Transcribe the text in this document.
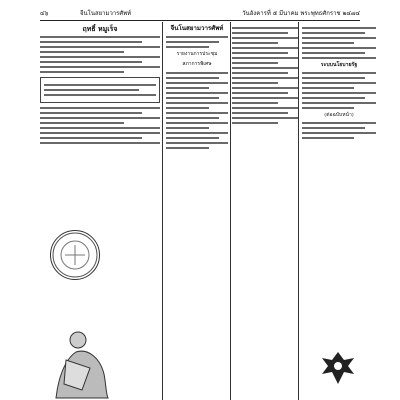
๔๖	จีนโนสยามวารศัพท์	วันอังคารที่ ๕ มีนาคม พระพุทธศักราช ๒๔๗๔
ฤทธิ์ หมูเร็จ	จีนโนสยามวารศัพท์
รายงานการประชุม
สภาการพิเศษ	ระบบนโยบายรัฐ
(ต่อฉบับหน้า)
